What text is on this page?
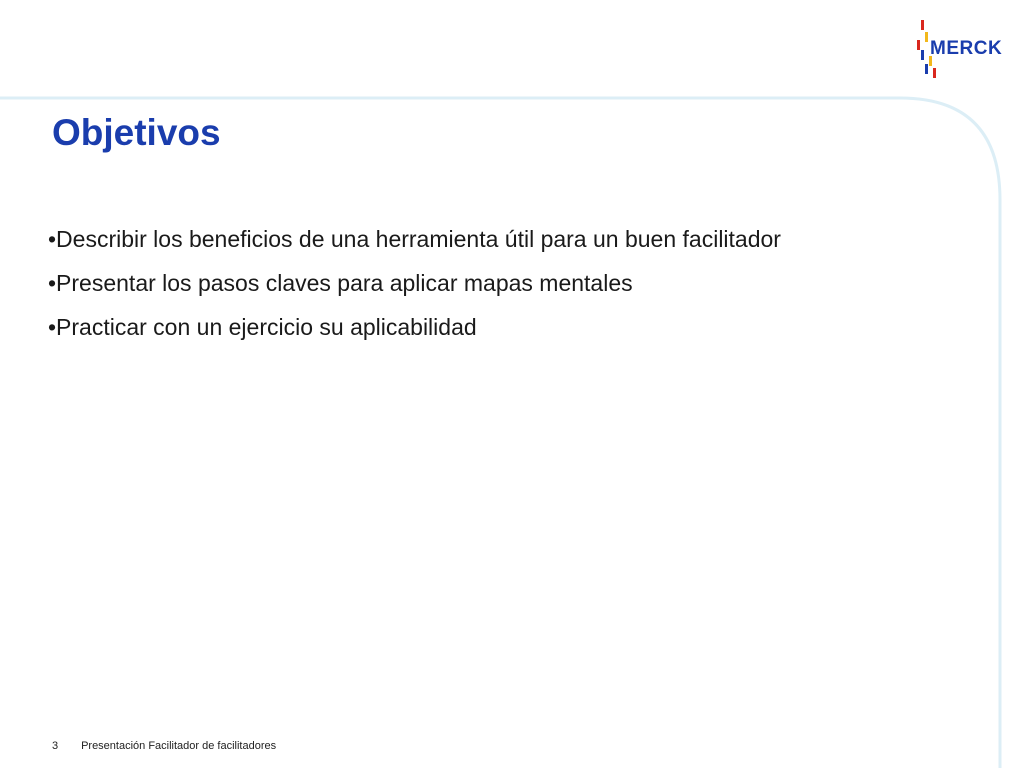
MERCK
Objetivos
•Describir los beneficios de una herramienta útil para un buen facilitador
•Presentar los pasos claves para aplicar mapas mentales
•Practicar con un ejercicio su aplicabilidad
3 Presentación Facilitador de facilitadores
